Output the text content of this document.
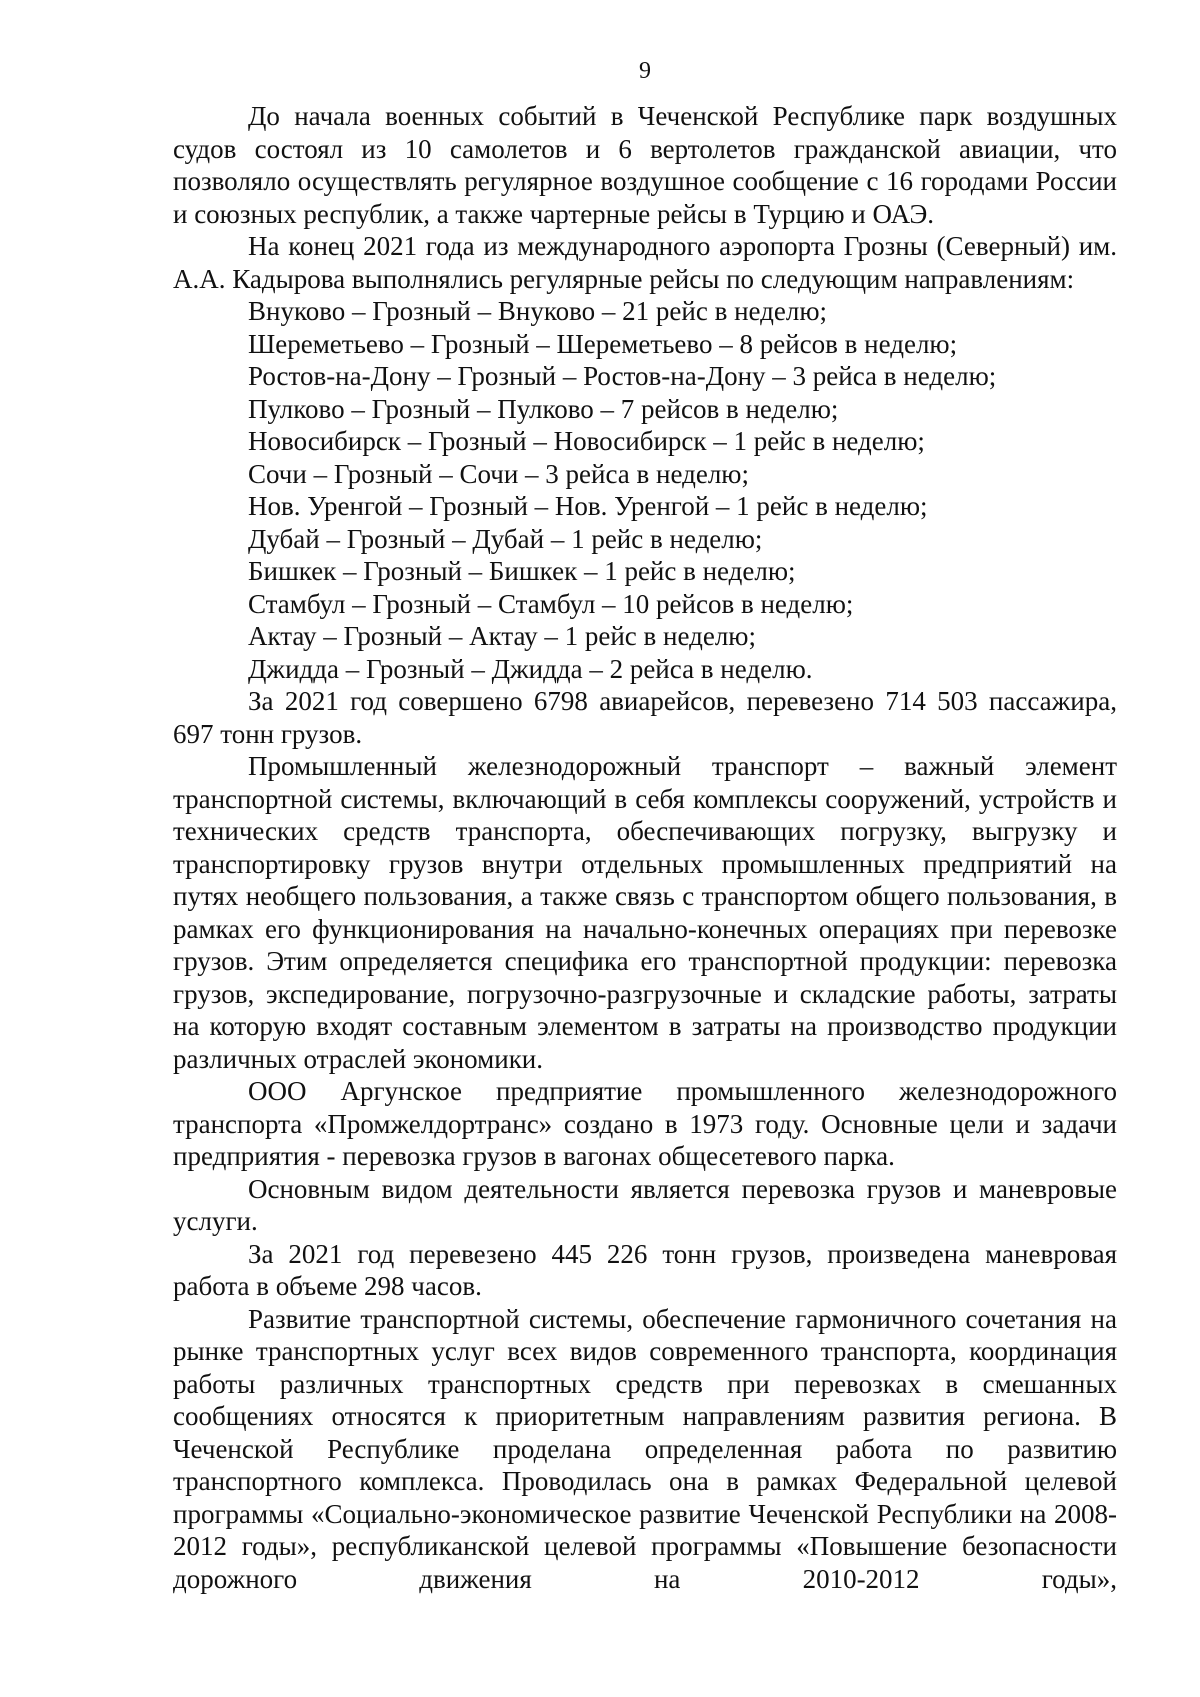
9

До начала военных событий в Чеченской Республике парк воздушных судов состоял из 10 самолетов и 6 вертолетов гражданской авиации, что позволяло осуществлять регулярное воздушное сообщение с 16 городами России и союзных республик, а также чартерные рейсы в Турцию и ОАЭ.

На конец 2021 года из международного аэропорта Грозны (Северный) им. А.А. Кадырова выполнялись регулярные рейсы по следующим направлениям:

Внуково – Грозный – Внуково – 21 рейс в неделю;

Шереметьево – Грозный – Шереметьево – 8 рейсов в неделю;

Ростов-на-Дону – Грозный – Ростов-на-Дону – 3 рейса в неделю;

Пулково – Грозный – Пулково – 7 рейсов в неделю;

Новосибирск – Грозный – Новосибирск – 1 рейс в неделю;

Сочи – Грозный – Сочи – 3 рейса в неделю;

Нов. Уренгой – Грозный – Нов. Уренгой – 1 рейс в неделю;

Дубай – Грозный – Дубай – 1 рейс в неделю;

Бишкек – Грозный – Бишкек – 1 рейс в неделю;

Стамбул – Грозный – Стамбул – 10 рейсов в неделю;

Актау – Грозный – Актау – 1 рейс в неделю;

Джидда – Грозный – Джидда – 2 рейса в неделю.

За 2021 год совершено 6798 авиарейсов, перевезено 714 503 пассажира, 697 тонн грузов.

Промышленный железнодорожный транспорт – важный элемент транспортной системы, включающий в себя комплексы сооружений, устройств и технических средств транспорта, обеспечивающих погрузку, выгрузку и транспортировку грузов внутри отдельных промышленных предприятий на путях необщего пользования, а также связь с транспортом общего пользования, в рамках его функционирования на начально-конечных операциях при перевозке грузов. Этим определяется специфика его транспортной продукции: перевозка грузов, экспедирование, погрузочно-разгрузочные и складские работы, затраты на которую входят составным элементом в затраты на производство продукции различных отраслей экономики.

ООО Аргунское предприятие промышленного железнодорожного транспорта «Промжелдортранс» создано в 1973 году. Основные цели и задачи предприятия - перевозка грузов в вагонах общесетевого парка.

Основным видом деятельности является перевозка грузов и маневровые услуги.

За 2021 год перевезено 445 226 тонн грузов, произведена маневровая работа в объеме 298 часов.

Развитие транспортной системы, обеспечение гармоничного сочетания на рынке транспортных услуг всех видов современного транспорта, координация работы различных транспортных средств при перевозках в смешанных сообщениях относятся к приоритетным направлениям развития региона. В Чеченской Республике проделана определенная работа по развитию транспортного комплекса. Проводилась она в рамках Федеральной целевой программы «Социально-экономическое развитие Чеченской Республики на 2008-2012 годы», республиканской целевой программы «Повышение безопасности дорожного движения на 2010-2012 годы»,
